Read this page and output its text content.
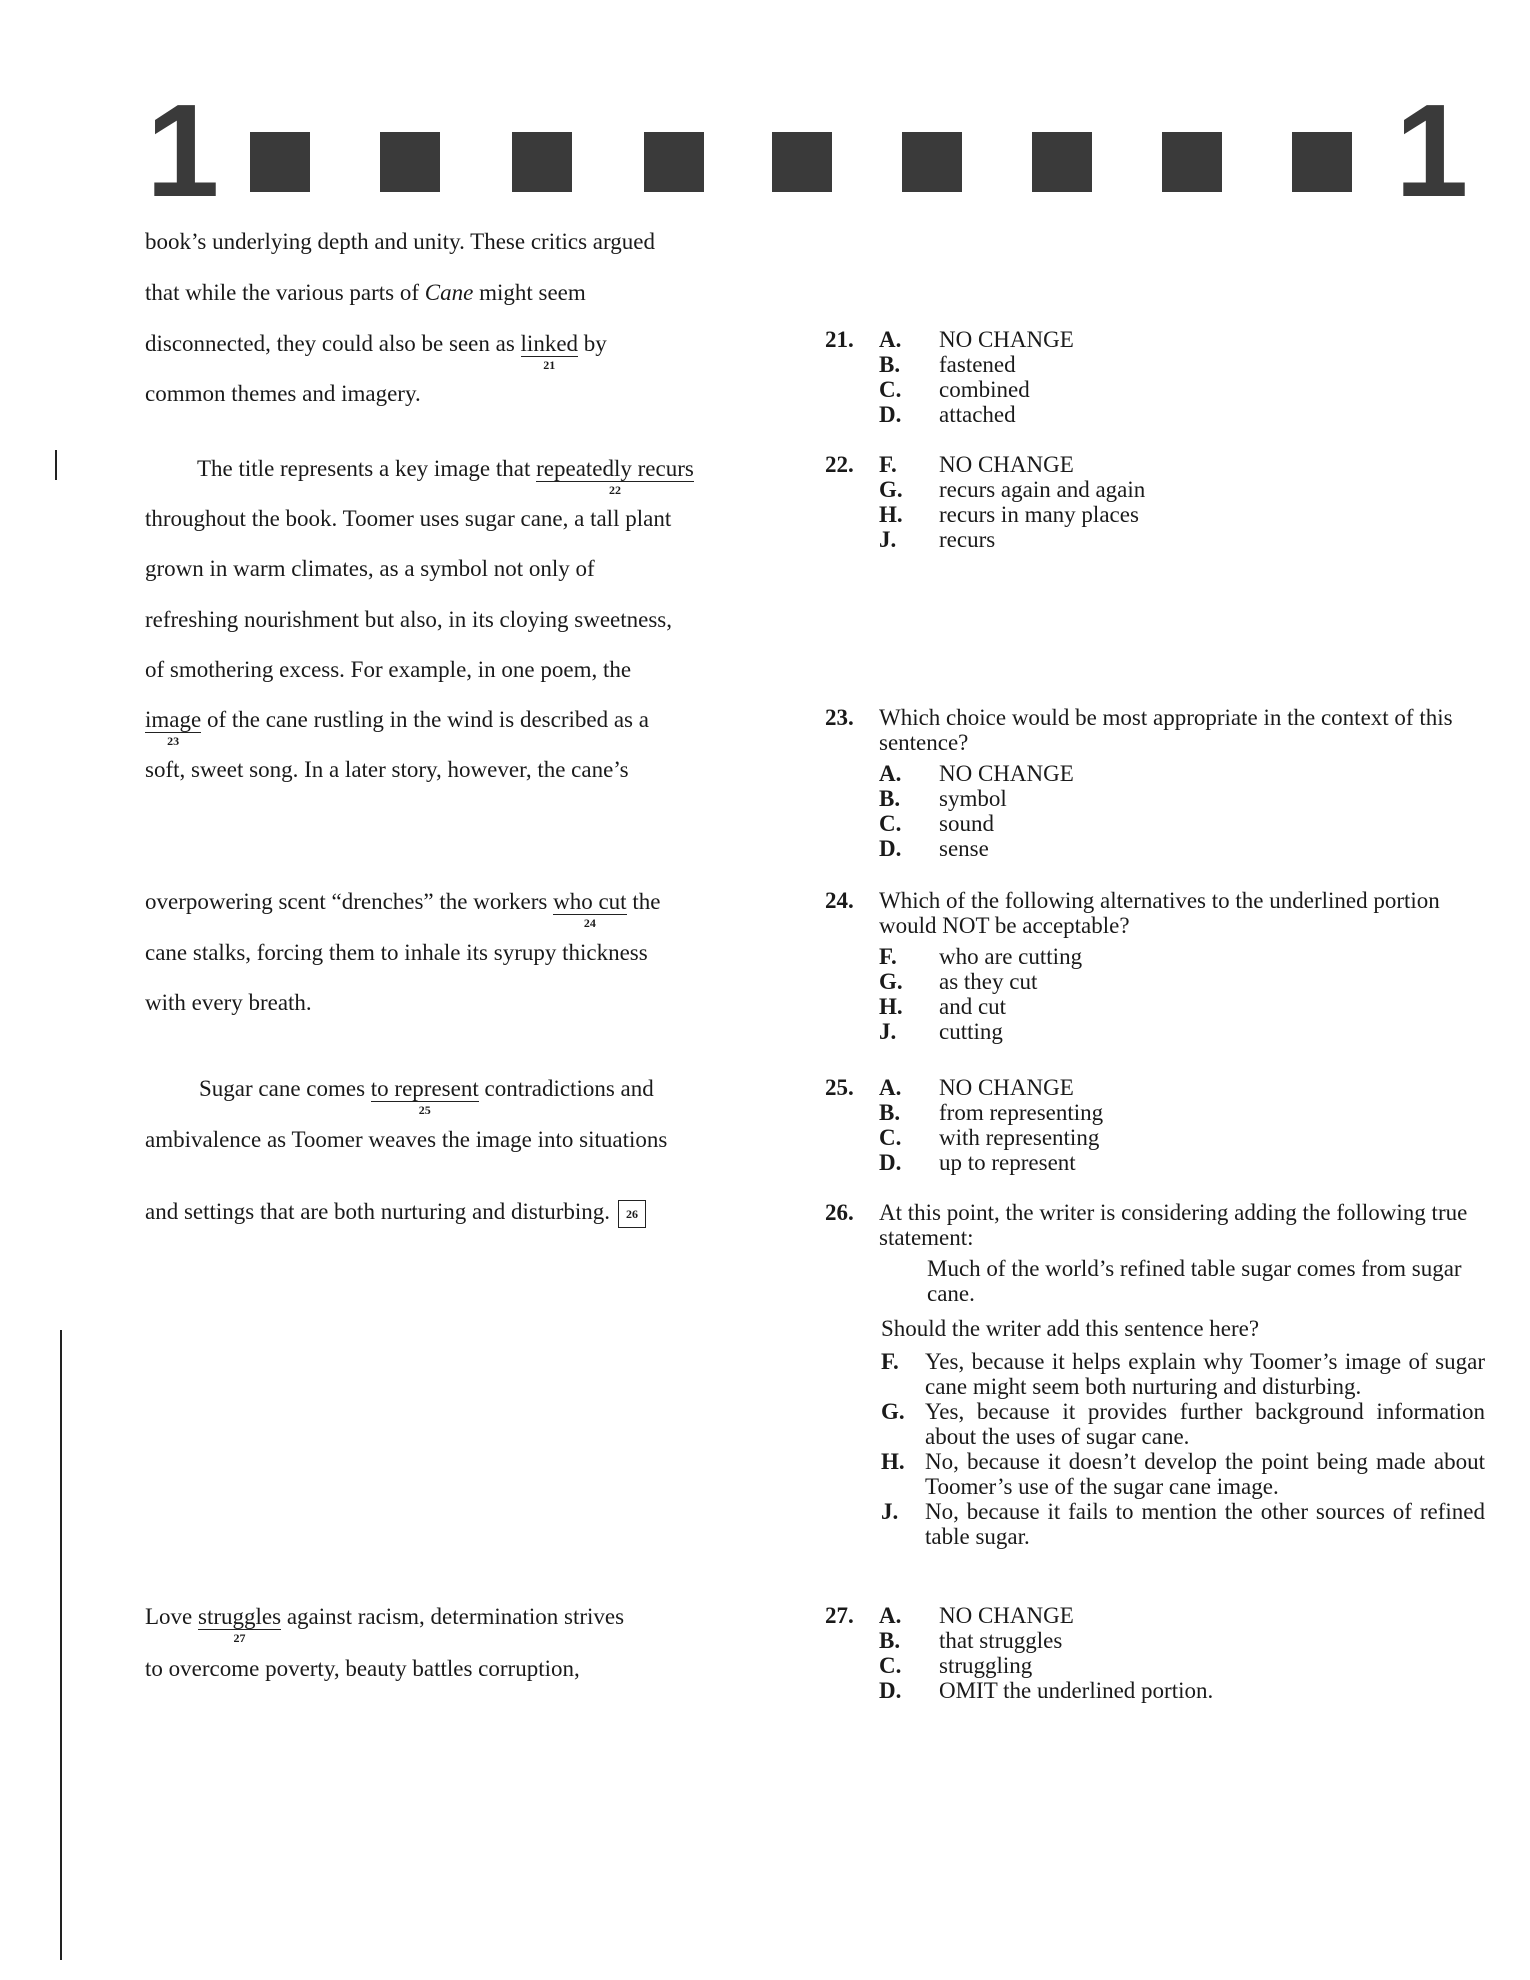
1	1
book’s underlying depth and unity. These critics argued
that while the various parts of Cane might seem
disconnected, they could also be seen as linked
21
by
common themes and imagery.
The title represents a key image that repeatedly recurs
22
throughout the book. Toomer uses sugar cane, a tall plant
grown in warm climates, as a symbol not only of
refreshing nourishment but also, in its cloying sweetness,
of smothering excess. For example, in one poem, the
image
23
of the cane rustling in the wind is described as a
soft, sweet song. In a later story, however, the cane’s
overpowering scent “drenches” the workers who cut
24
the
cane stalks, forcing them to inhale its syrupy thickness
with every breath.
Sugar cane comes to represent
25
contradictions and
ambivalence as Toomer weaves the image into situations
and settings that are both nurturing and disturbing. 26
Love struggles
27
against racism, determination strives
to overcome poverty, beauty battles corruption,
21. A. NO CHANGE
B. fastened
C. combined
D. attached
22. F. NO CHANGE
G. recurs again and again
H. recurs in many places
J. recurs
23. Which choice would be most appropriate in the context of this sentence?
A. NO CHANGE
B. symbol
C. sound
D. sense
24. Which of the following alternatives to the underlined portion would NOT be acceptable?
F. who are cutting
G. as they cut
H. and cut
J. cutting
25. A. NO CHANGE
B. from representing
C. with representing
D. up to represent
26. At this point, the writer is considering adding the following true statement:
Much of the world’s refined table sugar comes from sugar cane.
Should the writer add this sentence here?
F. Yes, because it helps explain why Toomer’s image of sugar cane might seem both nurturing and disturbing.
G. Yes, because it provides further background information about the uses of sugar cane.
H. No, because it doesn’t develop the point being made about Toomer’s use of the sugar cane image.
J. No, because it fails to mention the other sources of refined table sugar.
27. A. NO CHANGE
B. that struggles
C. struggling
D. OMIT the underlined portion.
